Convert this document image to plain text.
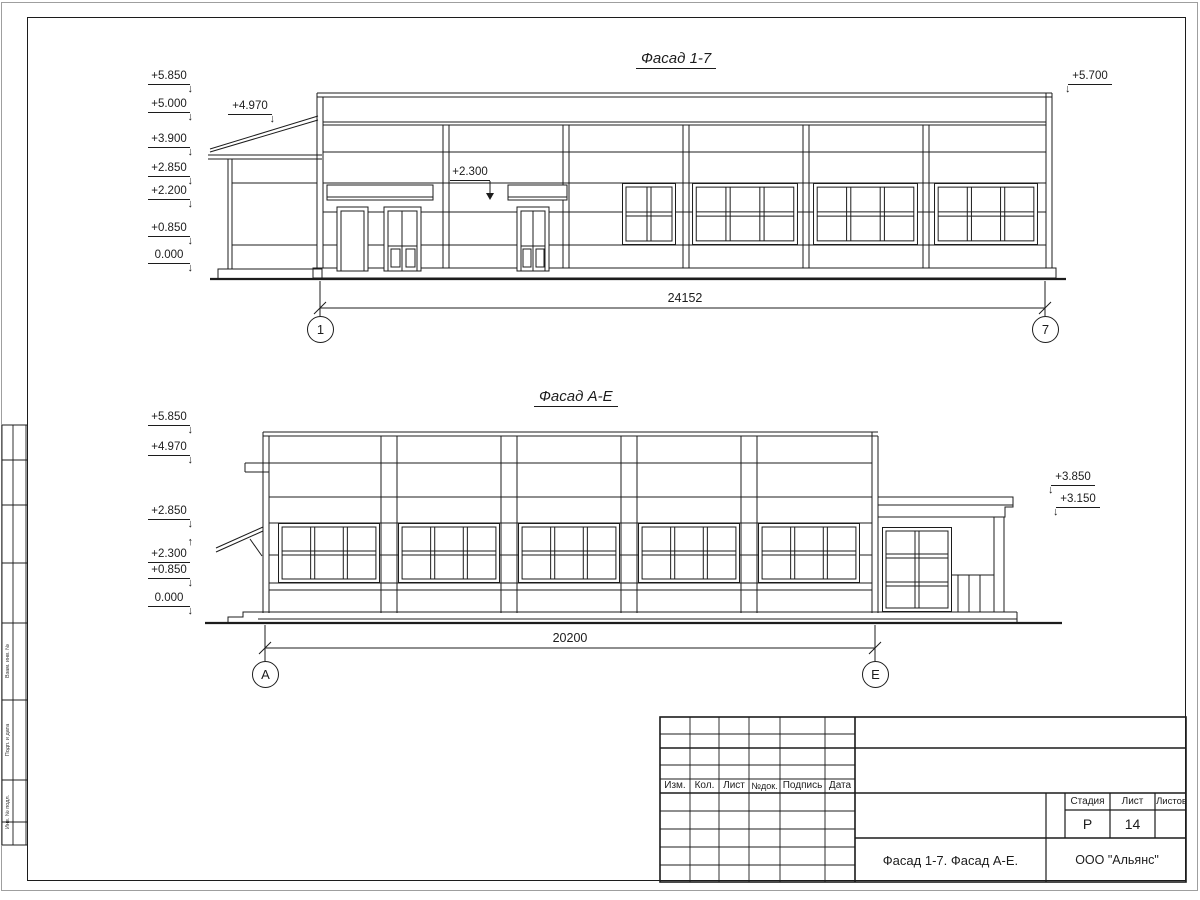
Фасад 1-7
+5.850
↓
+5.000
↓
+3.900
↓
+2.850
↓
+2.200
↓
+0.850
↓
0.000
↓
+4.970
↓
+2.300
+5.700
↓
24152
1	7
Фасад А-Е
+5.850
↓
+4.970
↓
+2.850
↓
+2.300
↑
+0.850
↓
0.000
↓
+3.850
↓
+3.150
↓
20200
А	Е
Изм. Кол. Лист №док. Подпись Дата
Стадия	Лист	Листов
Р	14
Фасад 1-7. Фасад А-Е.	ООО "Альянс"
Взам. инв. №
Подп. и дата
Инв. № подл.
